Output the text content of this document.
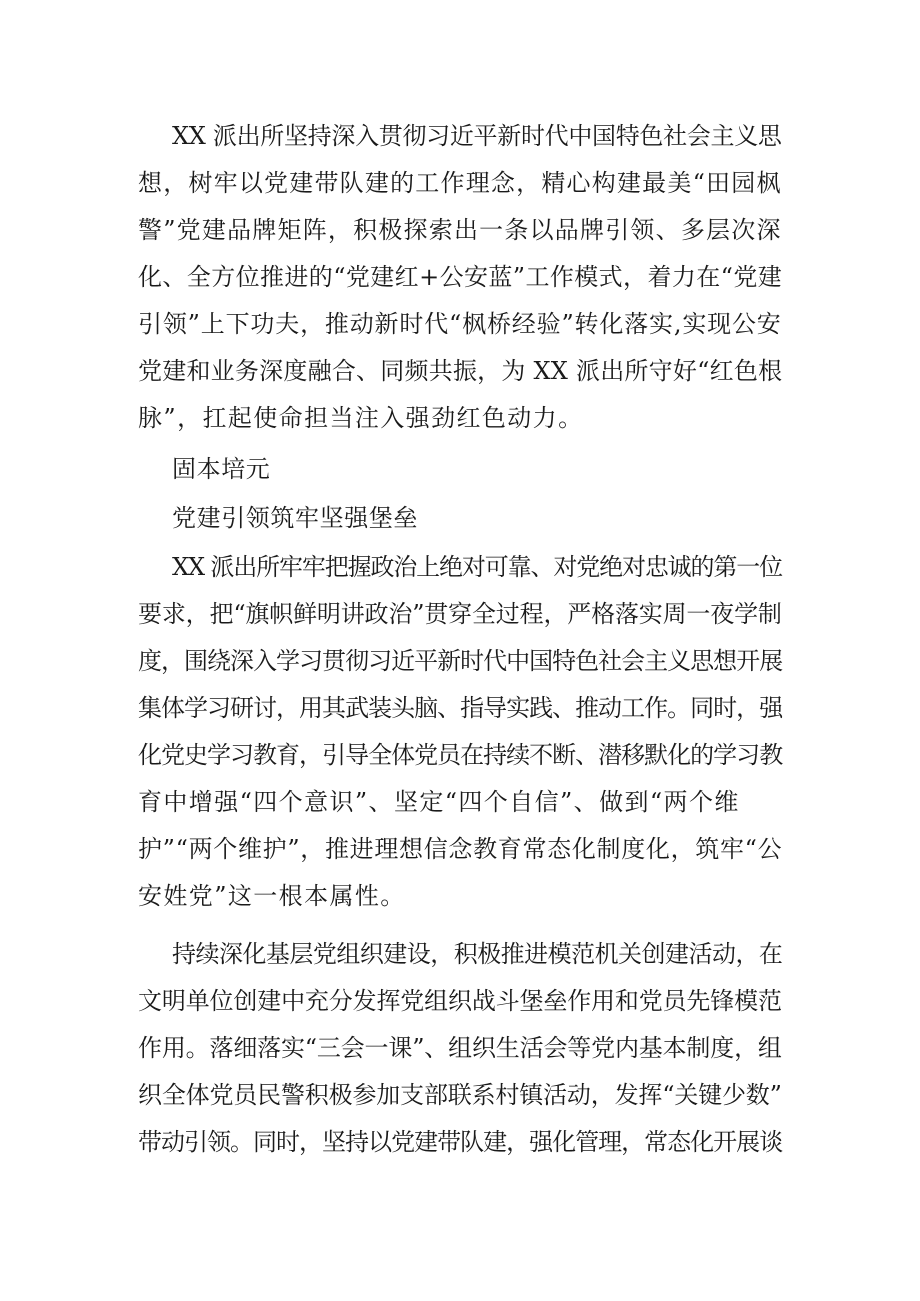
XX 派出所坚持深入贯彻习近平新时代中国特色社会主义思

想，树牢以党建带队建的工作理念，精心构建最美“田园枫

警”党建品牌矩阵，积极探索出一条以品牌引领、多层次深

化、全方位推进的“党建红+公安蓝”工作模式，着力在“党建

引领”上下功夫，推动新时代“枫桥经验”转化落实,实现公安

党建和业务深度融合、同频共振，为 XX 派出所守好“红色根

脉”，扛起使命担当注入强劲红色动力。

固本培元

党建引领筑牢坚强堡垒

XX 派出所牢牢把握政治上绝对可靠、对党绝对忠诚的第一位

要求，把“旗帜鲜明讲政治”贯穿全过程，严格落实周一夜学制

度，围绕深入学习贯彻习近平新时代中国特色社会主义思想开展

集体学习研讨，用其武装头脑、指导实践、推动工作。同时，强

化党史学习教育，引导全体党员在持续不断、潜移默化的学习教

育中增强“四个意识”、坚定“四个自信”、做到“两个维

护”“两个维护”，推进理想信念教育常态化制度化，筑牢“公

安姓党”这一根本属性。

持续深化基层党组织建设，积极推进模范机关创建活动，在

文明单位创建中充分发挥党组织战斗堡垒作用和党员先锋模范

作用。落细落实“三会一课”、组织生活会等党内基本制度，组

织全体党员民警积极参加支部联系村镇活动，发挥“关键少数”

带动引领。同时，坚持以党建带队建，强化管理，常态化开展谈
